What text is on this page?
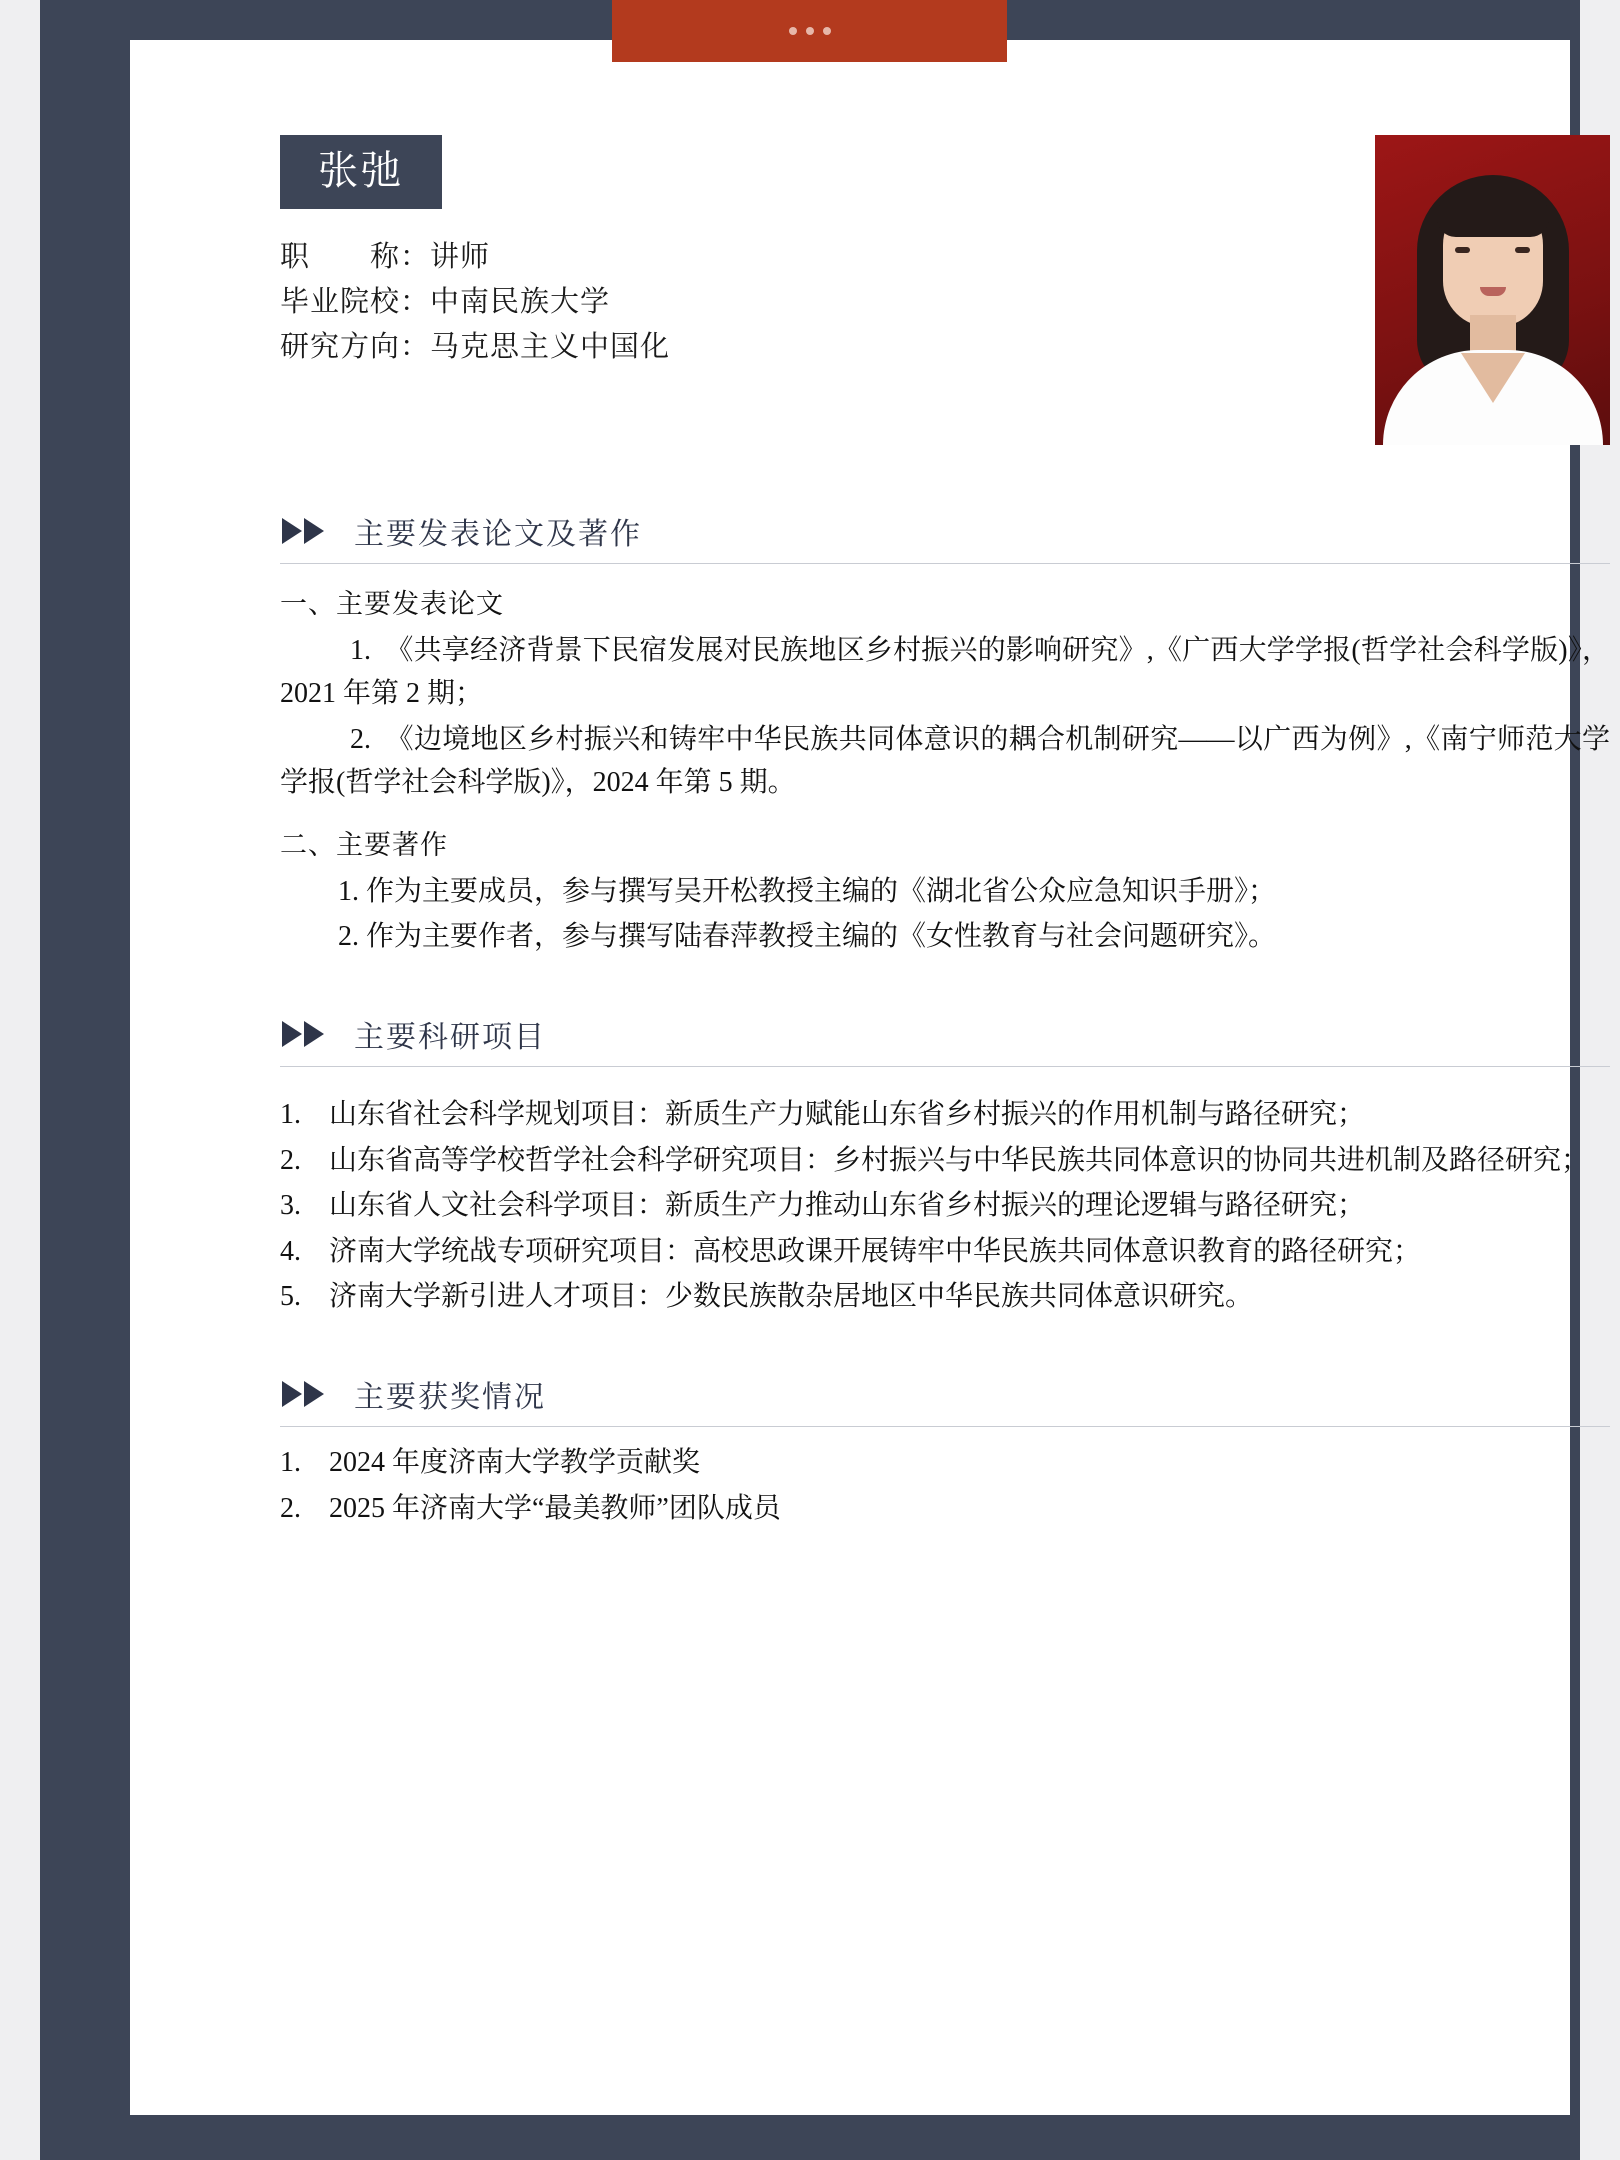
张弛
职　　称：讲师
毕业院校：中南民族大学
研究方向：马克思主义中国化
主要发表论文及著作
一、主要发表论文
1.　《共享经济背景下民宿发展对民族地区乡村振兴的影响研究》,《广西大学学报(哲学社会科学版)》，2021 年第 2 期；
2.　《边境地区乡村振兴和铸牢中华民族共同体意识的耦合机制研究——以广西为例》,《南宁师范大学学报(哲学社会科学版)》，2024 年第 5 期。
二、主要著作
1. 作为主要成员，参与撰写吴开松教授主编的《湖北省公众应急知识手册》；
2. 作为主要作者，参与撰写陆春萍教授主编的《女性教育与社会问题研究》。
主要科研项目
1.　山东省社会科学规划项目：新质生产力赋能山东省乡村振兴的作用机制与路径研究；
2.　山东省高等学校哲学社会科学研究项目：乡村振兴与中华民族共同体意识的协同共进机制及路径研究；
3.　山东省人文社会科学项目：新质生产力推动山东省乡村振兴的理论逻辑与路径研究；
4.　济南大学统战专项研究项目：高校思政课开展铸牢中华民族共同体意识教育的路径研究；
5.　济南大学新引进人才项目：少数民族散杂居地区中华民族共同体意识研究。
主要获奖情况
1.　2024 年度济南大学教学贡献奖
2.　2025 年济南大学“最美教师”团队成员
